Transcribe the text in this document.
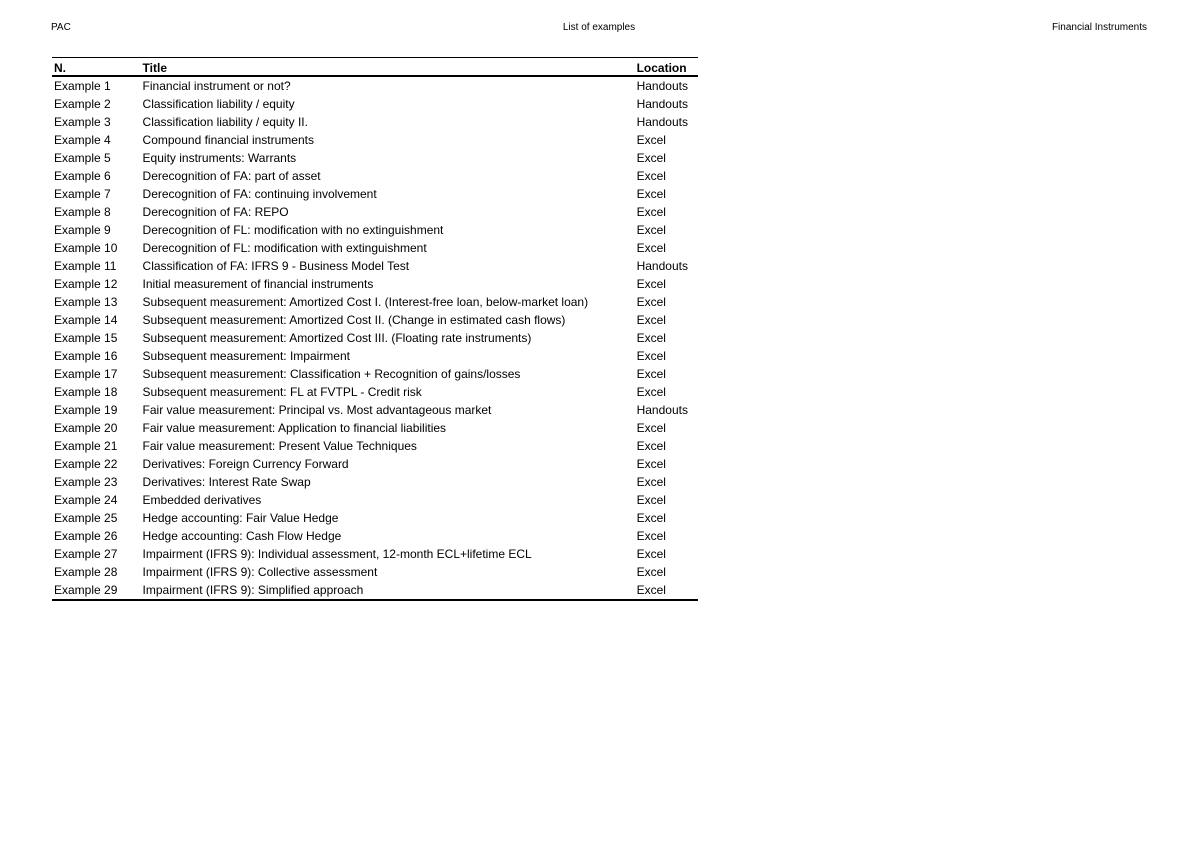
PAC	List of examples	Financial Instruments
N.	Title	Location
Example 1	Financial instrument or not?	Handouts
Example 2	Classification liability / equity	Handouts
Example 3	Classification liability / equity II.	Handouts
Example 4	Compound financial instruments	Excel
Example 5	Equity instruments: Warrants	Excel
Example 6	Derecognition of FA: part of asset	Excel
Example 7	Derecognition of FA: continuing involvement	Excel
Example 8	Derecognition of FA: REPO	Excel
Example 9	Derecognition of FL: modification with no extinguishment	Excel
Example 10	Derecognition of FL: modification with extinguishment	Excel
Example 11	Classification of FA: IFRS 9 - Business Model Test	Handouts
Example 12	Initial measurement of financial instruments	Excel
Example 13	Subsequent measurement: Amortized Cost I. (Interest-free loan, below-market loan)	Excel
Example 14	Subsequent measurement: Amortized Cost II. (Change in estimated cash flows)	Excel
Example 15	Subsequent measurement: Amortized Cost III. (Floating rate instruments)	Excel
Example 16	Subsequent measurement: Impairment	Excel
Example 17	Subsequent measurement: Classification + Recognition of gains/losses	Excel
Example 18	Subsequent measurement: FL at FVTPL - Credit risk	Excel
Example 19	Fair value measurement: Principal vs. Most advantageous market	Handouts
Example 20	Fair value measurement: Application to financial liabilities	Excel
Example 21	Fair value measurement: Present Value Techniques	Excel
Example 22	Derivatives: Foreign Currency Forward	Excel
Example 23	Derivatives: Interest Rate Swap	Excel
Example 24	Embedded derivatives	Excel
Example 25	Hedge accounting: Fair Value Hedge	Excel
Example 26	Hedge accounting: Cash Flow Hedge	Excel
Example 27	Impairment (IFRS 9): Individual assessment, 12-month ECL+lifetime ECL	Excel
Example 28	Impairment (IFRS 9): Collective assessment	Excel
Example 29	Impairment (IFRS 9): Simplified approach	Excel
